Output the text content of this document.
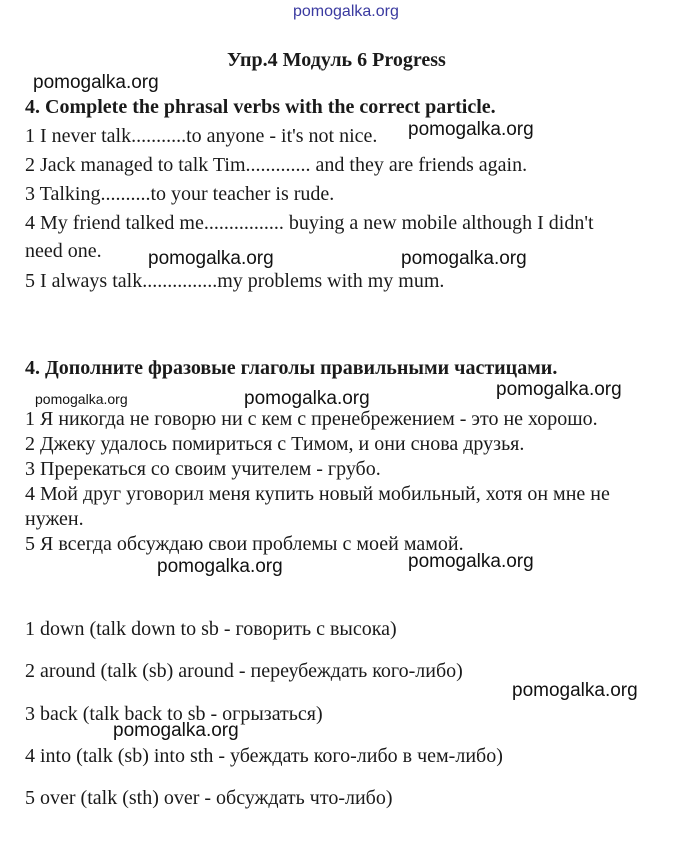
pomogalka.org
Упр.4 Модуль 6 Progress
4. Complete the phrasal verbs with the correct particle.
1 I never talk...........to anyone - it's not nice.
2 Jack managed to talk Tim............. and they are friends again.
3 Talking..........to your teacher is rude.
4 My friend talked me................ buying a new mobile although I didn't
need one.
5 I always talk...............my problems with my mum.
4. Дополните фразовые глаголы правильными частицами.
1 Я никогда не говорю ни с кем с пренебрежением - это не хорошо.
2 Джеку удалось помириться с Тимом, и они снова друзья.
3 Пререкаться со своим учителем - грубо.
4 Мой друг уговорил меня купить новый мобильный, хотя он мне не
нужен.
5 Я всегда обсуждаю свои проблемы с моей мамой.
1 down (talk down to sb - говорить с высока)
2 around (talk (sb) around - переубеждать кого-либо)
3 back (talk back to sb - огрызаться)
4 into (talk (sb) into sth - убеждать кого-либо в чем-либо)
5 over (talk (sth) over - обсуждать что-либо)
pomogalka.org
pomogalka.org
pomogalka.org	pomogalka.org
pomogalka.org
pomogalka.org	pomogalka.org
pomogalka.org	pomogalka.org
pomogalka.org
pomogalka.org
